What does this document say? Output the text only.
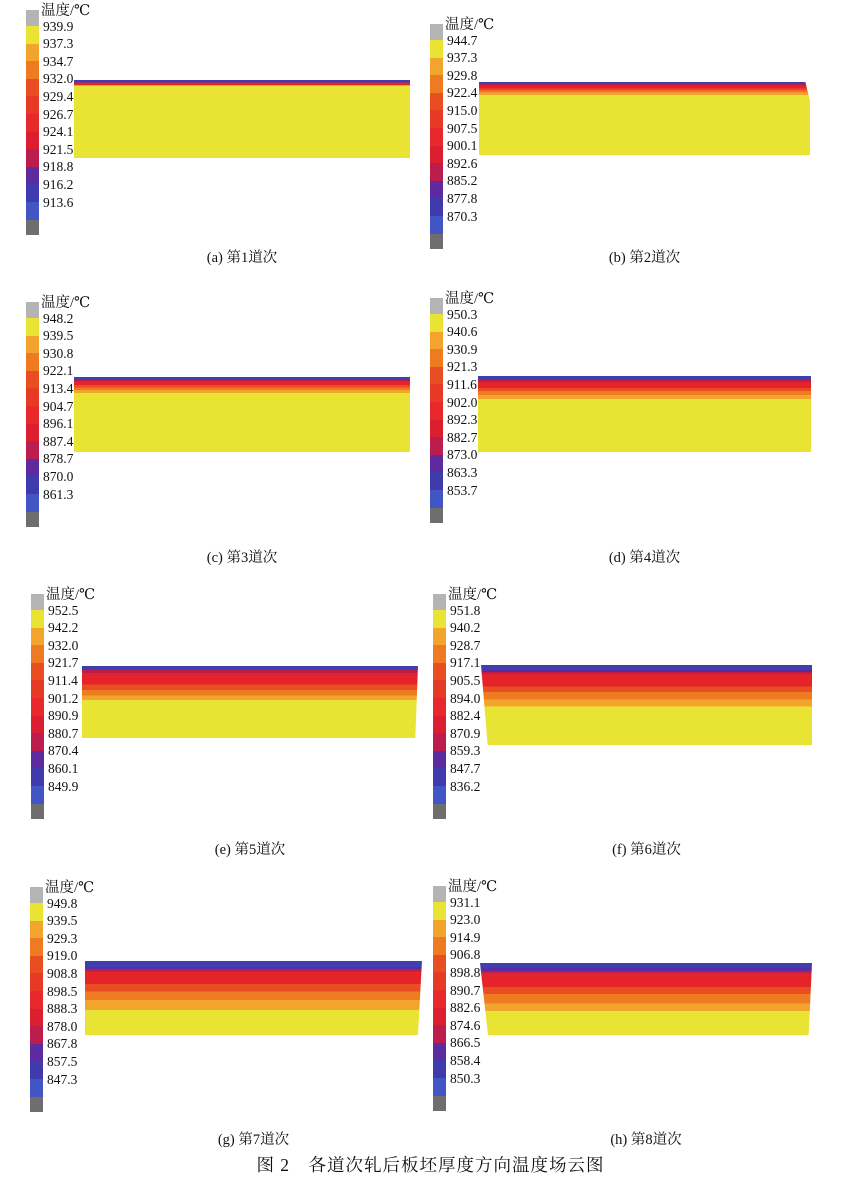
温度/℃
939.9
937.3
934.7
932.0
929.4
926.7
924.1
921.5
918.8
916.2
913.6
(a) 第1道次
温度/℃
944.7
937.3
929.8
922.4
915.0
907.5
900.1
892.6
885.2
877.8
870.3
(b) 第2道次
温度/℃
948.2
939.5
930.8
922.1
913.4
904.7
896.1
887.4
878.7
870.0
861.3
(c) 第3道次
温度/℃
950.3
940.6
930.9
921.3
911.6
902.0
892.3
882.7
873.0
863.3
853.7
(d) 第4道次
温度/℃
952.5
942.2
932.0
921.7
911.4
901.2
890.9
880.7
870.4
860.1
849.9
(e) 第5道次
温度/℃
951.8
940.2
928.7
917.1
905.5
894.0
882.4
870.9
859.3
847.7
836.2
(f) 第6道次
温度/℃
949.8
939.5
929.3
919.0
908.8
898.5
888.3
878.0
867.8
857.5
847.3
(g) 第7道次
温度/℃
931.1
923.0
914.9
906.8
898.8
890.7
882.6
874.6
866.5
858.4
850.3
(h) 第8道次
图 2　各道次轧后板坯厚度方向温度场云图
